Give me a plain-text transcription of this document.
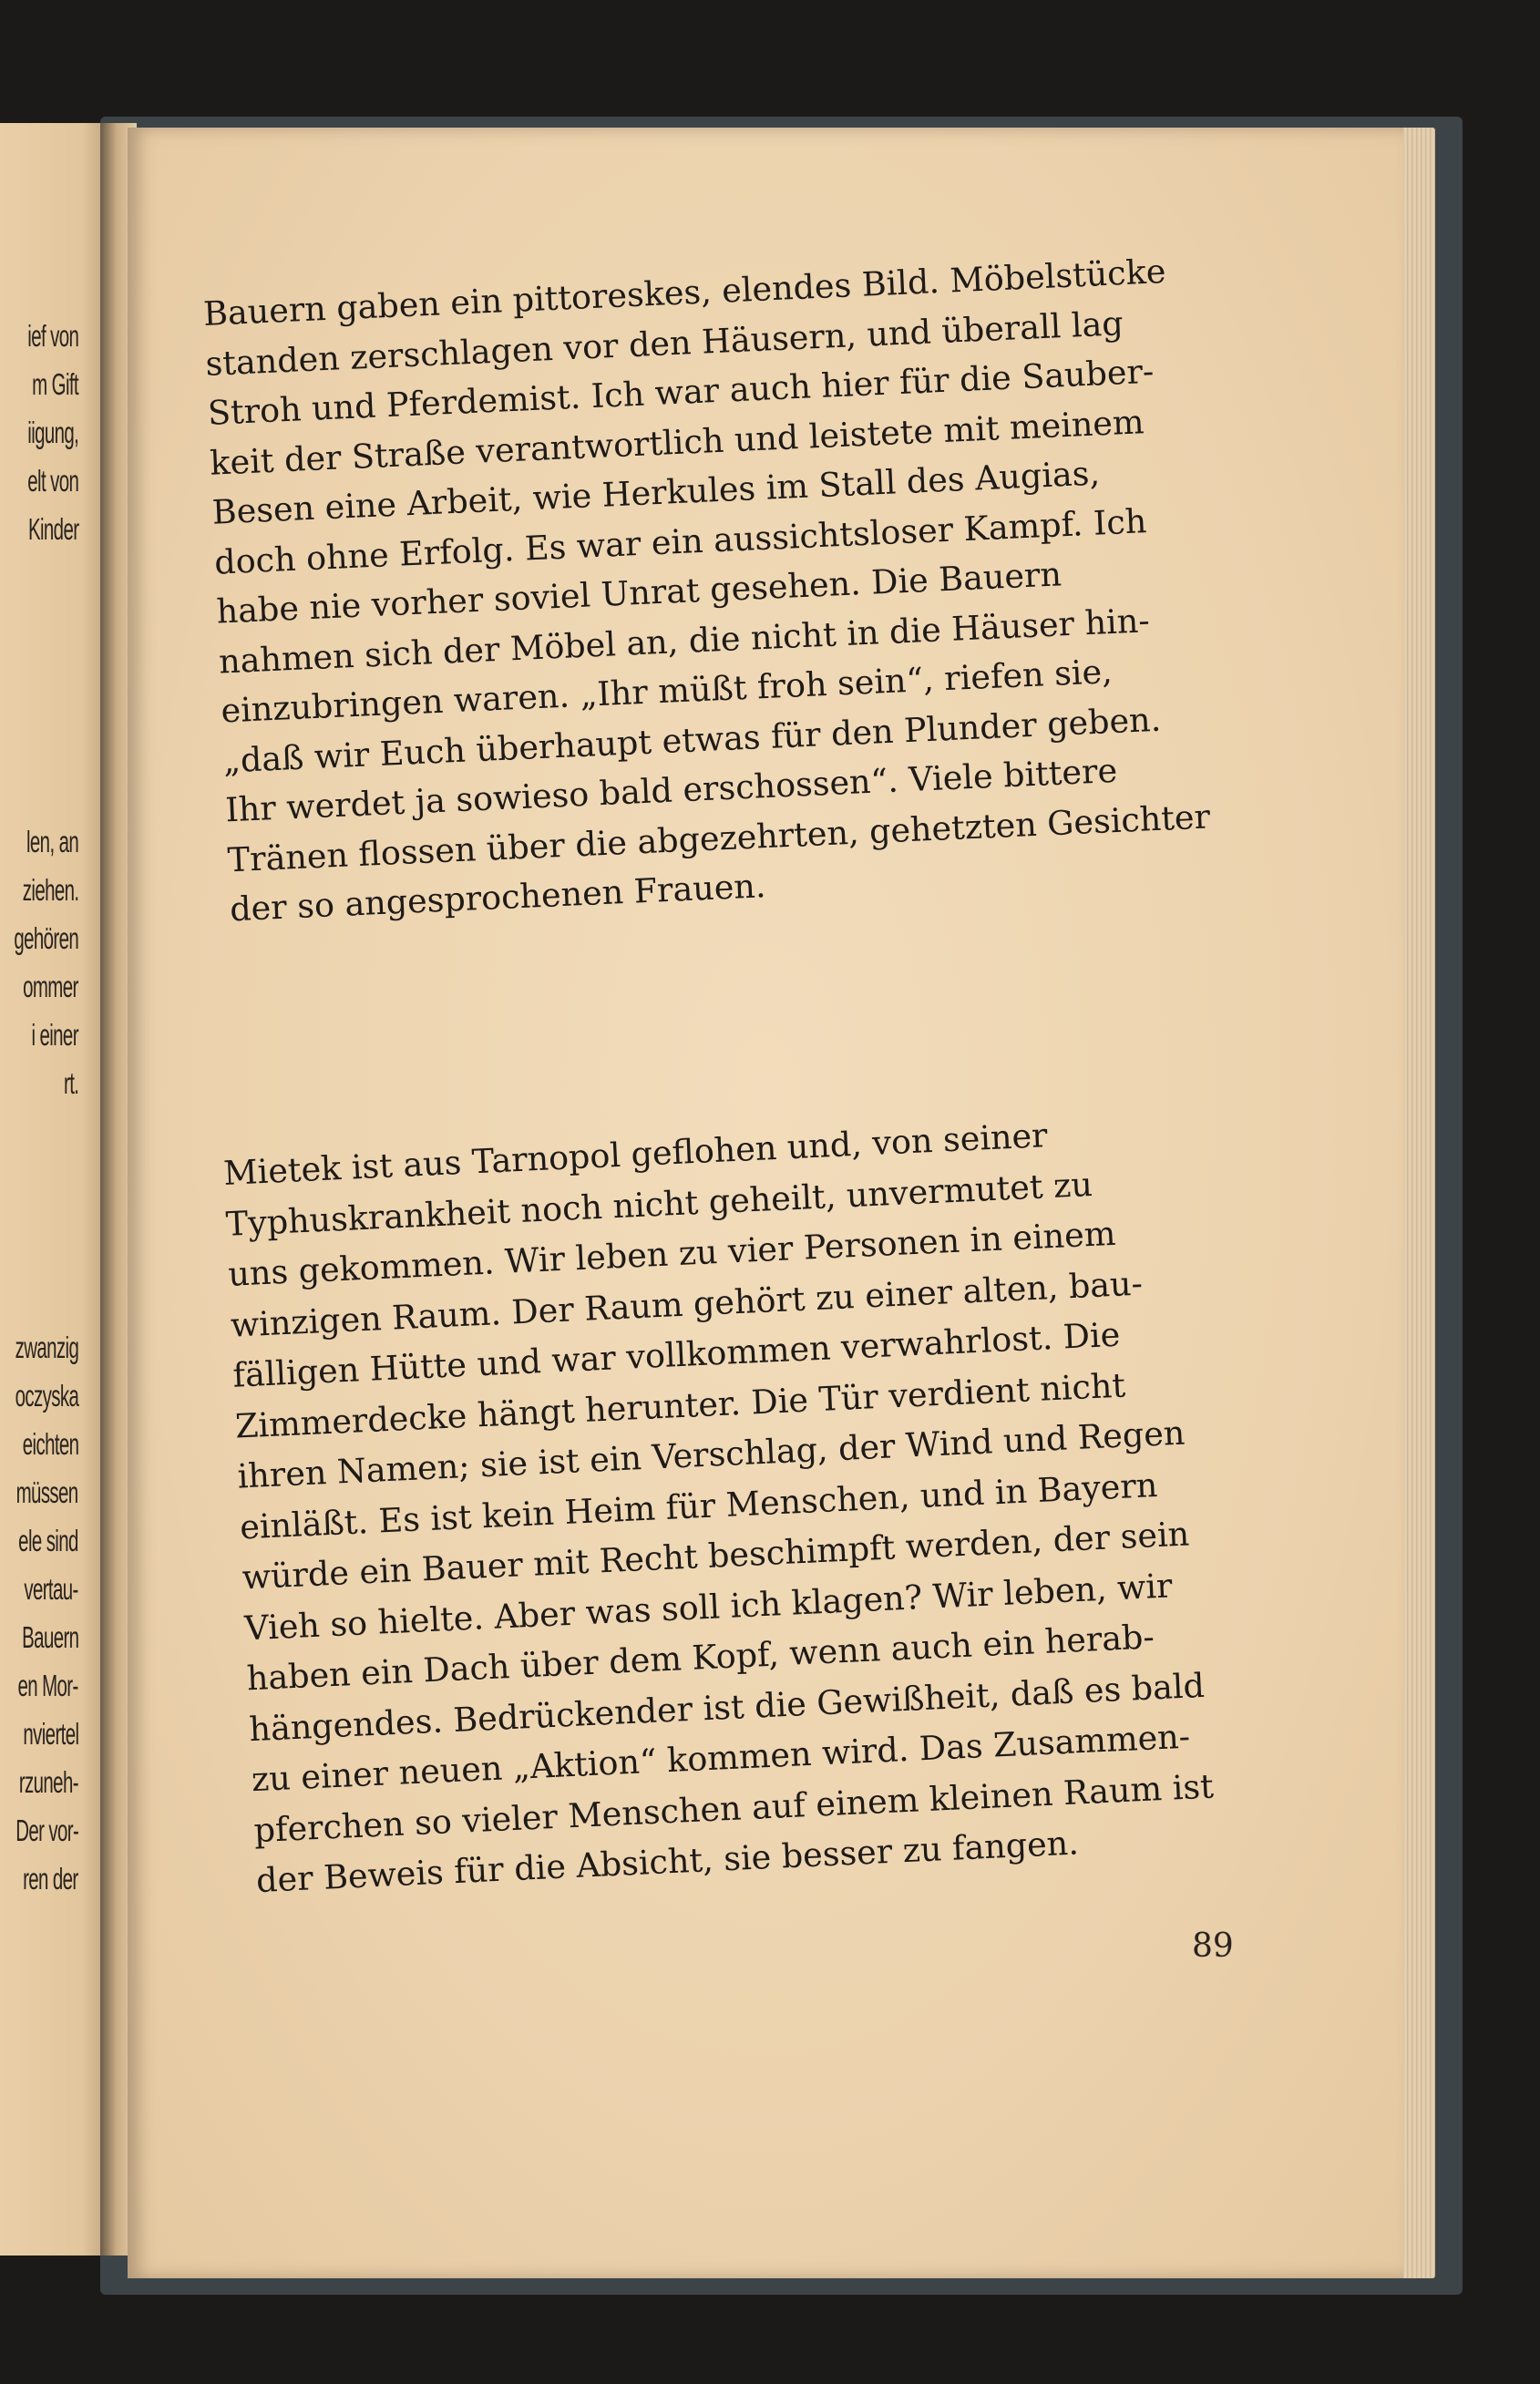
ief von
m Gift
iigung,
elt von
Kinder
len, an
ziehen.
gehören
ommer
i einer
rt.
zwanzig
oczyska
eichten
müssen
ele sind
vertau-
Bauern
en Mor-
nviertel
rzuneh-
Der vor-
ren der

Bauern gaben ein pittoreskes, elendes Bild. Möbelstücke
standen zerschlagen vor den Häusern, und überall lag
Stroh und Pferdemist. Ich war auch hier für die Sauber-
keit der Straße verantwortlich und leistete mit meinem
Besen eine Arbeit, wie Herkules im Stall des Augias,
doch ohne Erfolg. Es war ein aussichtsloser Kampf. Ich
habe nie vorher soviel Unrat gesehen. Die Bauern
nahmen sich der Möbel an, die nicht in die Häuser hin-
einzubringen waren. „Ihr müßt froh sein“, riefen sie,
„daß wir Euch überhaupt etwas für den Plunder geben.
Ihr werdet ja sowieso bald erschossen“. Viele bittere
Tränen flossen über die abgezehrten, gehetzten Gesichter
der so angesprochenen Frauen.

Mietek ist aus Tarnopol geflohen und, von seiner
Typhuskrankheit noch nicht geheilt, unvermutet zu
uns gekommen. Wir leben zu vier Personen in einem
winzigen Raum. Der Raum gehört zu einer alten, bau-
fälligen Hütte und war vollkommen verwahrlost. Die
Zimmerdecke hängt herunter. Die Tür verdient nicht
ihren Namen; sie ist ein Verschlag, der Wind und Regen
einläßt. Es ist kein Heim für Menschen, und in Bayern
würde ein Bauer mit Recht beschimpft werden, der sein
Vieh so hielte. Aber was soll ich klagen? Wir leben, wir
haben ein Dach über dem Kopf, wenn auch ein herab-
hängendes. Bedrückender ist die Gewißheit, daß es bald
zu einer neuen „Aktion“ kommen wird. Das Zusammen-
pferchen so vieler Menschen auf einem kleinen Raum ist
der Beweis für die Absicht, sie besser zu fangen.

89
